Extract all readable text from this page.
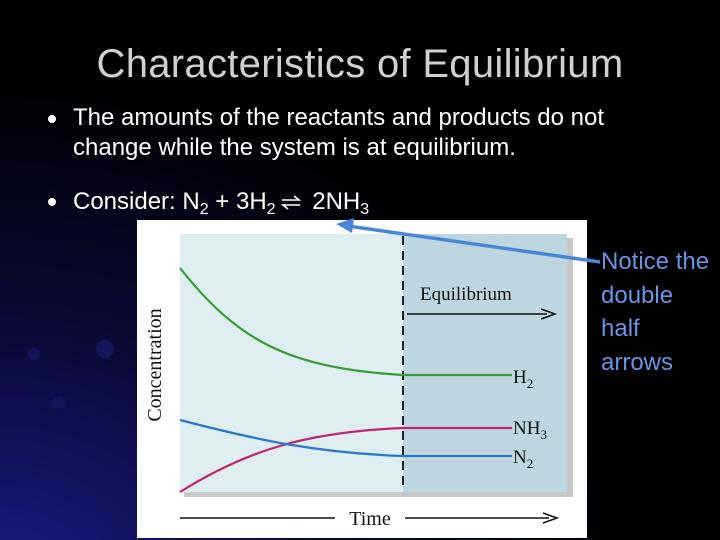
Characteristics of Equilibrium
The amounts of the reactants and products do not change while the system is at equilibrium.
Consider: $N_2 + 3H_2$ $2NH_3$
Concentration
Equilibrium
$H_2$
$NH_3$
$N_2$
Time
Notice the double half arrows
